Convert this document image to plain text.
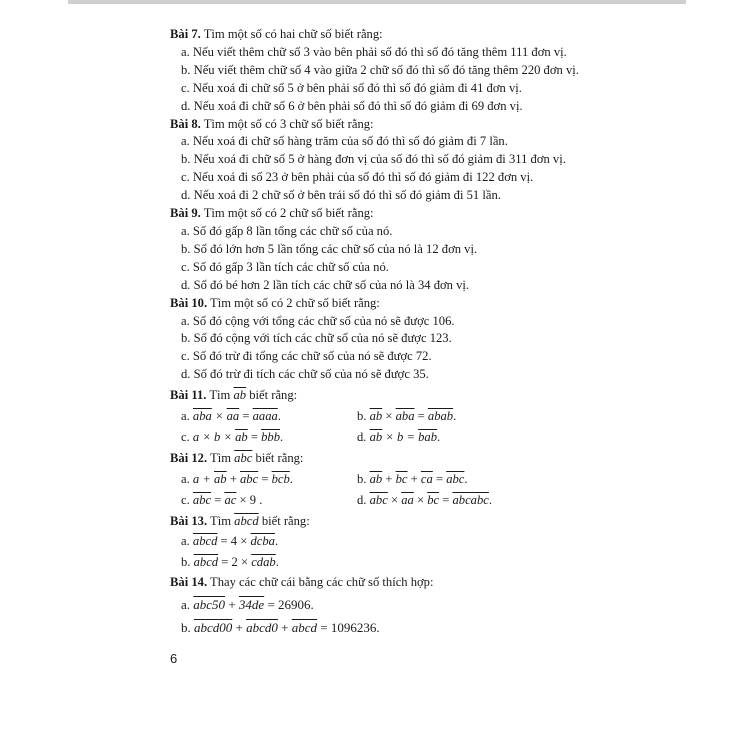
Bài 7. Tìm một số có hai chữ số biết rằng:
a. Nếu viết thêm chữ số 3 vào bên phải số đó thì số đó tăng thêm 111 đơn vị.
b. Nếu viết thêm chữ số 4 vào giữa 2 chữ số đó thì số đó tăng thêm 220 đơn vị.
c. Nếu xoá đi chữ số 5 ở bên phải số đó thì số đó giảm đi 41 đơn vị.
d. Nếu xoá đi chữ số 6 ở bên phải số đó thì số đó giảm đi 69 đơn vị.
Bài 8. Tìm một số có 3 chữ số biết rằng:
a. Nếu xoá đi chữ số hàng trăm của số đó thì số đó giảm đi 7 lần.
b. Nếu xoá đi chữ số 5 ở hàng đơn vị của số đó thì số đó giảm đi 311 đơn vị.
c. Nếu xoá đi số 23 ở bên phải của số đó thì số đó giảm đi 122 đơn vị.
d. Nếu xoá đi 2 chữ số ở bên trái số đó thì số đó giảm đi 51 lần.
Bài 9. Tìm một số có 2 chữ số biết rằng:
a. Số đó gấp 8 lần tổng các chữ số của nó.
b. Số đó lớn hơn 5 lần tổng các chữ số của nó là 12 đơn vị.
c. Số đó gấp 3 lần tích các chữ số của nó.
d. Số đó bé hơn 2 lần tích các chữ số của nó là 34 đơn vị.
Bài 10. Tìm một số có 2 chữ số biết rằng:
a. Số đó cộng với tổng các chữ số của nó sẽ được 106.
b. Số đó cộng với tích các chữ số của nó sẽ được 123.
c. Số đó trừ đi tổng các chữ số của nó sẽ được 72.
d. Số đó trừ đi tích các chữ số của nó sẽ được 35.
Bài 11. Tìm $\overline{ab}$ biết rằng:
a. $\overline{aba} \times \overline{aa}$ = aaaa.	b. $\overline{ab} \times \overline{aba}$ = abab.
c. $a \times b \times \overline{ab} = \overline{bbb}$.	d. $\overline{ab} \times b = \overline{bab}$.
Bài 12. Tìm $\overline{abc}$ biết rằng:
a. $a + \overline{ab} + \overline{abc} = \overline{bcb}$.	b. $\overline{ab} + \overline{bc} + \overline{ca} = \overline{abc}$.
c. $\overline{abc} = \overline{ac} \times 9$ .	d. $\overline{abc} \times \overline{aa} \times \overline{bc}$ = abcabc.
Bài 13. Tìm abcd biết rằng:
a. abcd = 4 × dcba.
b. abcd = 2 × cdab.
Bài 14. Thay các chữ cái bằng các chữ số thích hợp:
a. abc50 + 34de = 26906.
b. abcd00 + abcd0 + abcd = 1096236.
6
